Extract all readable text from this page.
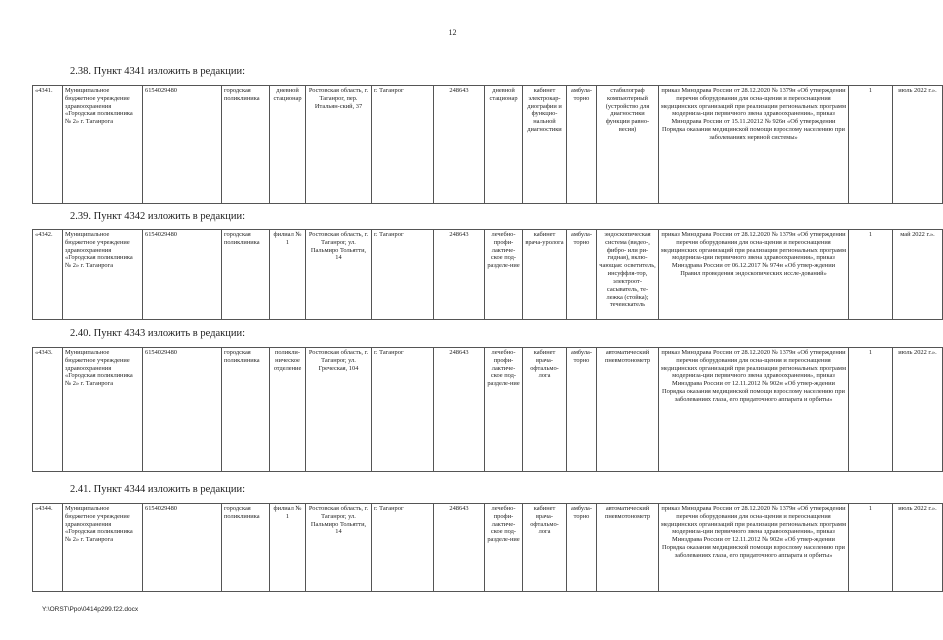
12
2.38. Пункт 4341 изложить в редакции:
«4341.	Муниципальное бюджетное учреждение здравоохранения «Городская поликлиника № 2» г. Таганрога	6154029480	городская поликлиника	дневной стационар	Ростовская область, г. Таганрог, пер. Итальян-ский, 37	г. Таганрог	248643	дневной стационар	кабинет электрокар-диографии и функцио-нальной диагностики	амбула-торно	стабилограф компьютерный (устройство для диагностики функции равно-весия)	приказ Минздрава России от 28.12.2020 № 1379н «Об утверждении перечня оборудования для осна-щения и переоснащения медицинских организаций при реализации региональных программ модерниза-ции первичного звена здравоохранения», приказ Минздрава России от 15.11.20212 № 926н «Об утверждении Порядка оказания медицинской помощи взрослому населению при заболеваниях нервной системы»	1	июль 2022 г.».
2.39. Пункт 4342 изложить в редакции:
«4342.	Муниципальное бюджетное учреждение здравоохранения «Городская поликлиника № 2» г. Таганрога	6154029480	городская поликлиника	филиал № 1	Ростовская область, г. Таганрог, ул. Пальмиро Тольятти, 14	г. Таганрог	248643	лечебно-профи-лактиче-ское под-разделе-ние	кабинет врача-уролога	амбула-торно	эндоскопическая система (видео-, фибро- или ри-гидная), вклю-чающая: осветитель, инсуффля-тор, электроот-сасыватель, те-лежка (стойка); течеискатель	приказ Минздрава России от 28.12.2020 № 1379н «Об утверждении перечня оборудования для осна-щения и переоснащения медицинских организаций при реализации региональных программ модерниза-ции первичного звена здравоохранения», приказ Минздрава России от 06.12.2017 № 974н «Об утвер-ждении Правил проведения эндоскопических иссле-дований»	1	май 2022 г.».
2.40. Пункт 4343 изложить в редакции:
«4343.	Муниципальное бюджетное учреждение здравоохранения «Городская поликлиника № 2» г. Таганрога	6154029480	городская поликлиника	поликли-ническое отделение	Ростовская область, г. Таганрог, ул. Греческая, 104	г. Таганрог	248643	лечебно-профи-лактиче-ское под-разделе-ние	кабинет врача-офтальмо-лога	амбула-торно	автоматический пневмотонометр	приказ Минздрава России от 28.12.2020 № 1379н «Об утверждении перечня оборудования для осна-щения и переоснащения медицинских организаций при реализации региональных программ модерниза-ции первичного звена здравоохранения», приказ Минздрава России от 12.11.2012 № 902н «Об утвер-ждении Порядка оказания медицинской помощи взрослому населению при заболеваниях глаза, его придаточного аппарата и орбиты»	1	июль 2022 г.».
2.41. Пункт 4344 изложить в редакции:
«4344.	Муниципальное бюджетное учреждение здравоохранения «Городская поликлиника № 2» г. Таганрога	6154029480	городская поликлиника	филиал № 1	Ростовская область, г. Таганрог, ул. Пальмиро Тольятти, 14	г. Таганрог	248643	лечебно-профи-лактиче-ское под-разделе-ние	кабинет врача-офтальмо-лога	амбула-торно	автоматический пневмотонометр	приказ Минздрава России от 28.12.2020 № 1379н «Об утверждении перечня оборудования для осна-щения и переоснащения медицинских организаций при реализации региональных программ модерниза-ции первичного звена здравоохранения», приказ Минздрава России от 12.11.2012 № 902н «Об утвер-ждении Порядка оказания медицинской помощи взрослому населению при заболеваниях глаза, его придаточного аппарата и орбиты»	1	июль 2022 г.».
Y:\ORST\Ppo\0414p299.f22.docx
